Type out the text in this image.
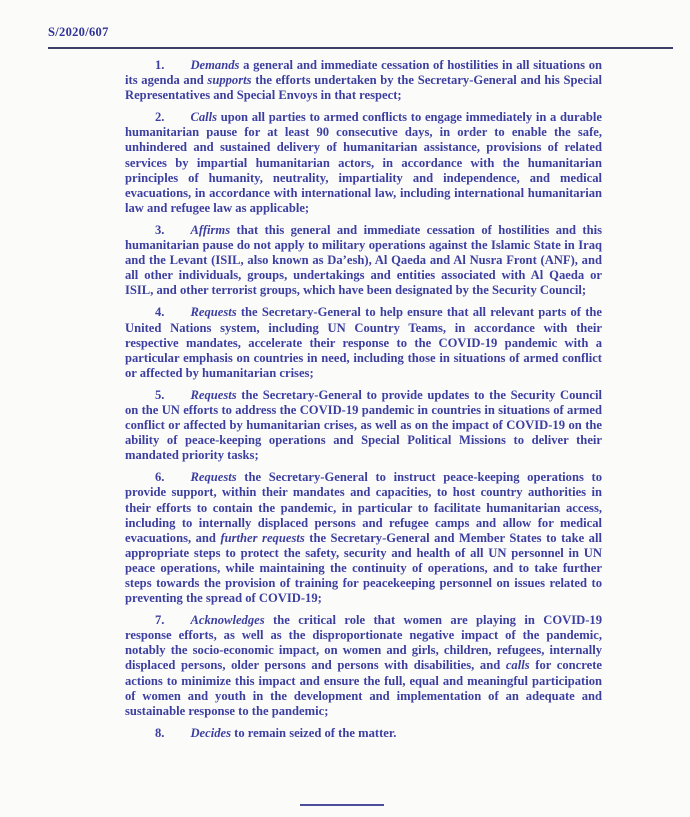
S/2020/607

1. Demands a general and immediate cessation of hostilities in all situations on its agenda and supports the efforts undertaken by the Secretary-General and his Special Representatives and Special Envoys in that respect;

2. Calls upon all parties to armed conflicts to engage immediately in a durable humanitarian pause for at least 90 consecutive days, in order to enable the safe, unhindered and sustained delivery of humanitarian assistance, provisions of related services by impartial humanitarian actors, in accordance with the humanitarian principles of humanity, neutrality, impartiality and independence, and medical evacuations, in accordance with international law, including international humanitarian law and refugee law as applicable;

3. Affirms that this general and immediate cessation of hostilities and this humanitarian pause do not apply to military operations against the Islamic State in Iraq and the Levant (ISIL, also known as Da’esh), Al Qaeda and Al Nusra Front (ANF), and all other individuals, groups, undertakings and entities associated with Al Qaeda or ISIL, and other terrorist groups, which have been designated by the Security Council;

4. Requests the Secretary-General to help ensure that all relevant parts of the United Nations system, including UN Country Teams, in accordance with their respective mandates, accelerate their response to the COVID-19 pandemic with a particular emphasis on countries in need, including those in situations of armed conflict or affected by humanitarian crises;

5. Requests the Secretary-General to provide updates to the Security Council on the UN efforts to address the COVID-19 pandemic in countries in situations of armed conflict or affected by humanitarian crises, as well as on the impact of COVID-19 on the ability of peace-keeping operations and Special Political Missions to deliver their mandated priority tasks;

6. Requests the Secretary-General to instruct peace-keeping operations to provide support, within their mandates and capacities, to host country authorities in their efforts to contain the pandemic, in particular to facilitate humanitarian access, including to internally displaced persons and refugee camps and allow for medical evacuations, and further requests the Secretary-General and Member States to take all appropriate steps to protect the safety, security and health of all UN personnel in UN peace operations, while maintaining the continuity of operations, and to take further steps towards the provision of training for peacekeeping personnel on issues related to preventing the spread of COVID-19;

7. Acknowledges the critical role that women are playing in COVID-19 response efforts, as well as the disproportionate negative impact of the pandemic, notably the socio-economic impact, on women and girls, children, refugees, internally displaced persons, older persons and persons with disabilities, and calls for concrete actions to minimize this impact and ensure the full, equal and meaningful participation of women and youth in the development and implementation of an adequate and sustainable response to the pandemic;

8. Decides to remain seized of the matter.
